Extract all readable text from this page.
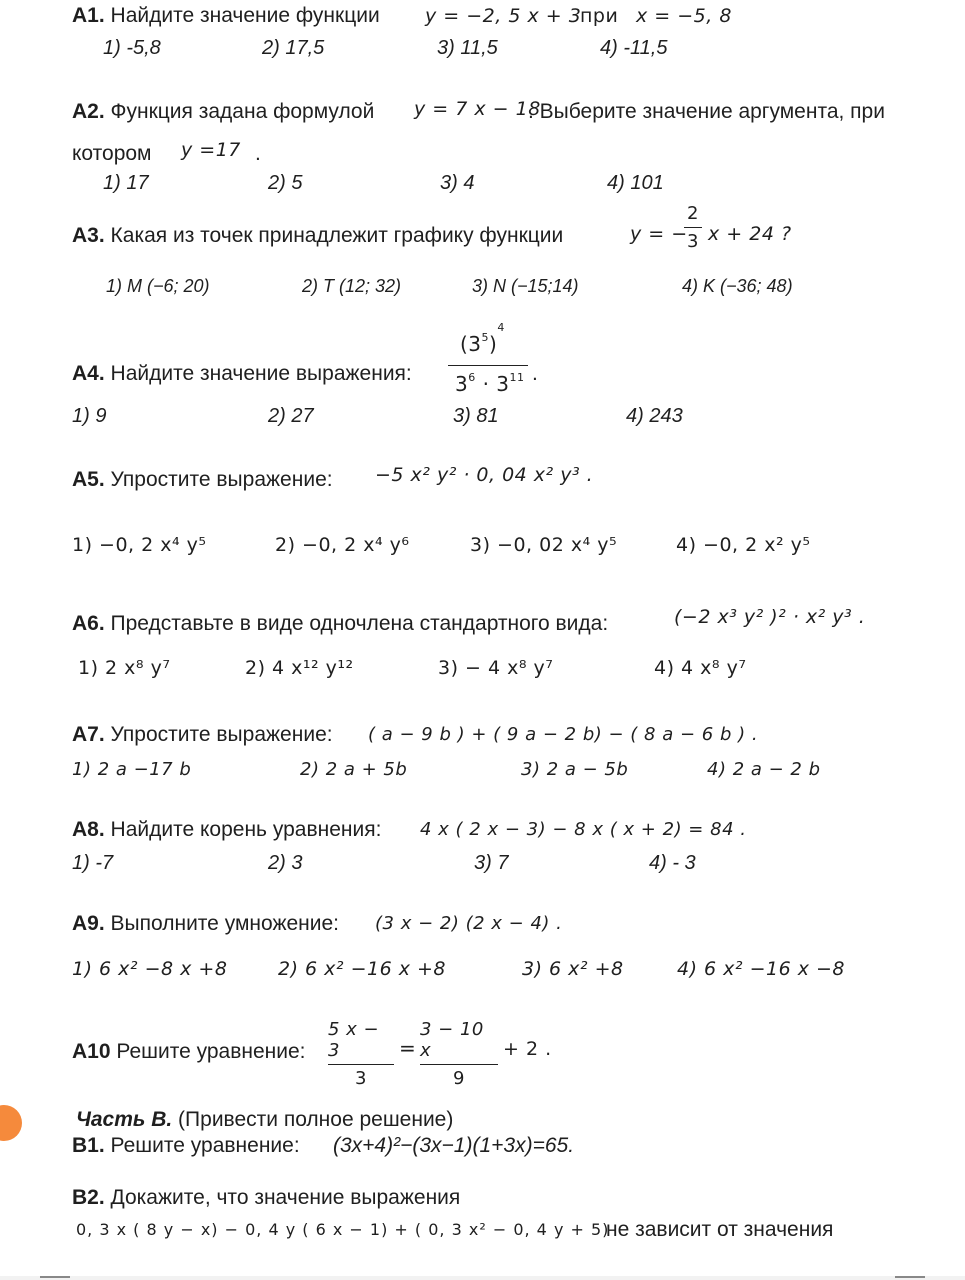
А1. Найдите значение функции y = −2, 5 x + 3
при x = −5, 8
1) -5,8	2) 17,5	3) 11,5	4) -11,5
А2. Функция задана формулой y = 7 x − 18
. Выберите значение аргумента, при
котором y =17 .
1) 17	2) 5	3) 4	4) 101
А3. Какая из точек принадлежит графику функции	y = −
2
3 x + 24 ?
1) M (−6; 20)	2) T (12; 32)	3) N (−15;14)	4) K (−36; 48)
А4. Найдите значение выражения:
$(3^5)^4$
$3^6 \cdot 3^{11}$ .
1) 9	2) 27	3) 81	4) 243
А5. Упростите выражение: −5 x² y² · 0, 04 x² y³ .
1) −0, 2 x⁴ y⁵	2) −0, 2 x⁴ y⁶	3) −0, 02 x⁴ y⁵	4) −0, 2 x² y⁵
А6. Представьте в виде одночлена стандартного вида:	(−2 x³ y² )² · x² y³ .
1) 2 x⁸ y⁷	2) 4 x¹² y¹²	3) − 4 x⁸ y⁷	4) 4 x⁸ y⁷
А7. Упростите выражение: ( a − 9 b ) + ( 9 a − 2 b) − ( 8 a − 6 b ) .
1) 2 a −17 b	2) 2 a + 5b	3) 2 a − 5b	4) 2 a − 2 b
А8. Найдите корень уравнения: 4 x ( 2 x − 3) − 8 x ( x + 2) = 84 .
1) -7	2) 3	3) 7	4) - 3
А9. Выполните умножение: (3 x − 2) (2 x − 4) .
1) 6 x² −8 x +8	2) 6 x² −16 x +8	3) 6 x² +8	4) 6 x² −16 x −8
А10 Решите уравнение:
5 x − 3
3
=
3 − 10 x
9
+ 2 .
Часть В. (Привести полное решение)
В1. Решите уравнение: (3x+4)²−(3x−1)(1+3x)=65.
В2. Докажите, что значение выражения
0, 3 x ( 8 y − x) − 0, 4 y ( 6 x − 1) + ( 0, 3 x² − 0, 4 y + 5)
не зависит от значения
